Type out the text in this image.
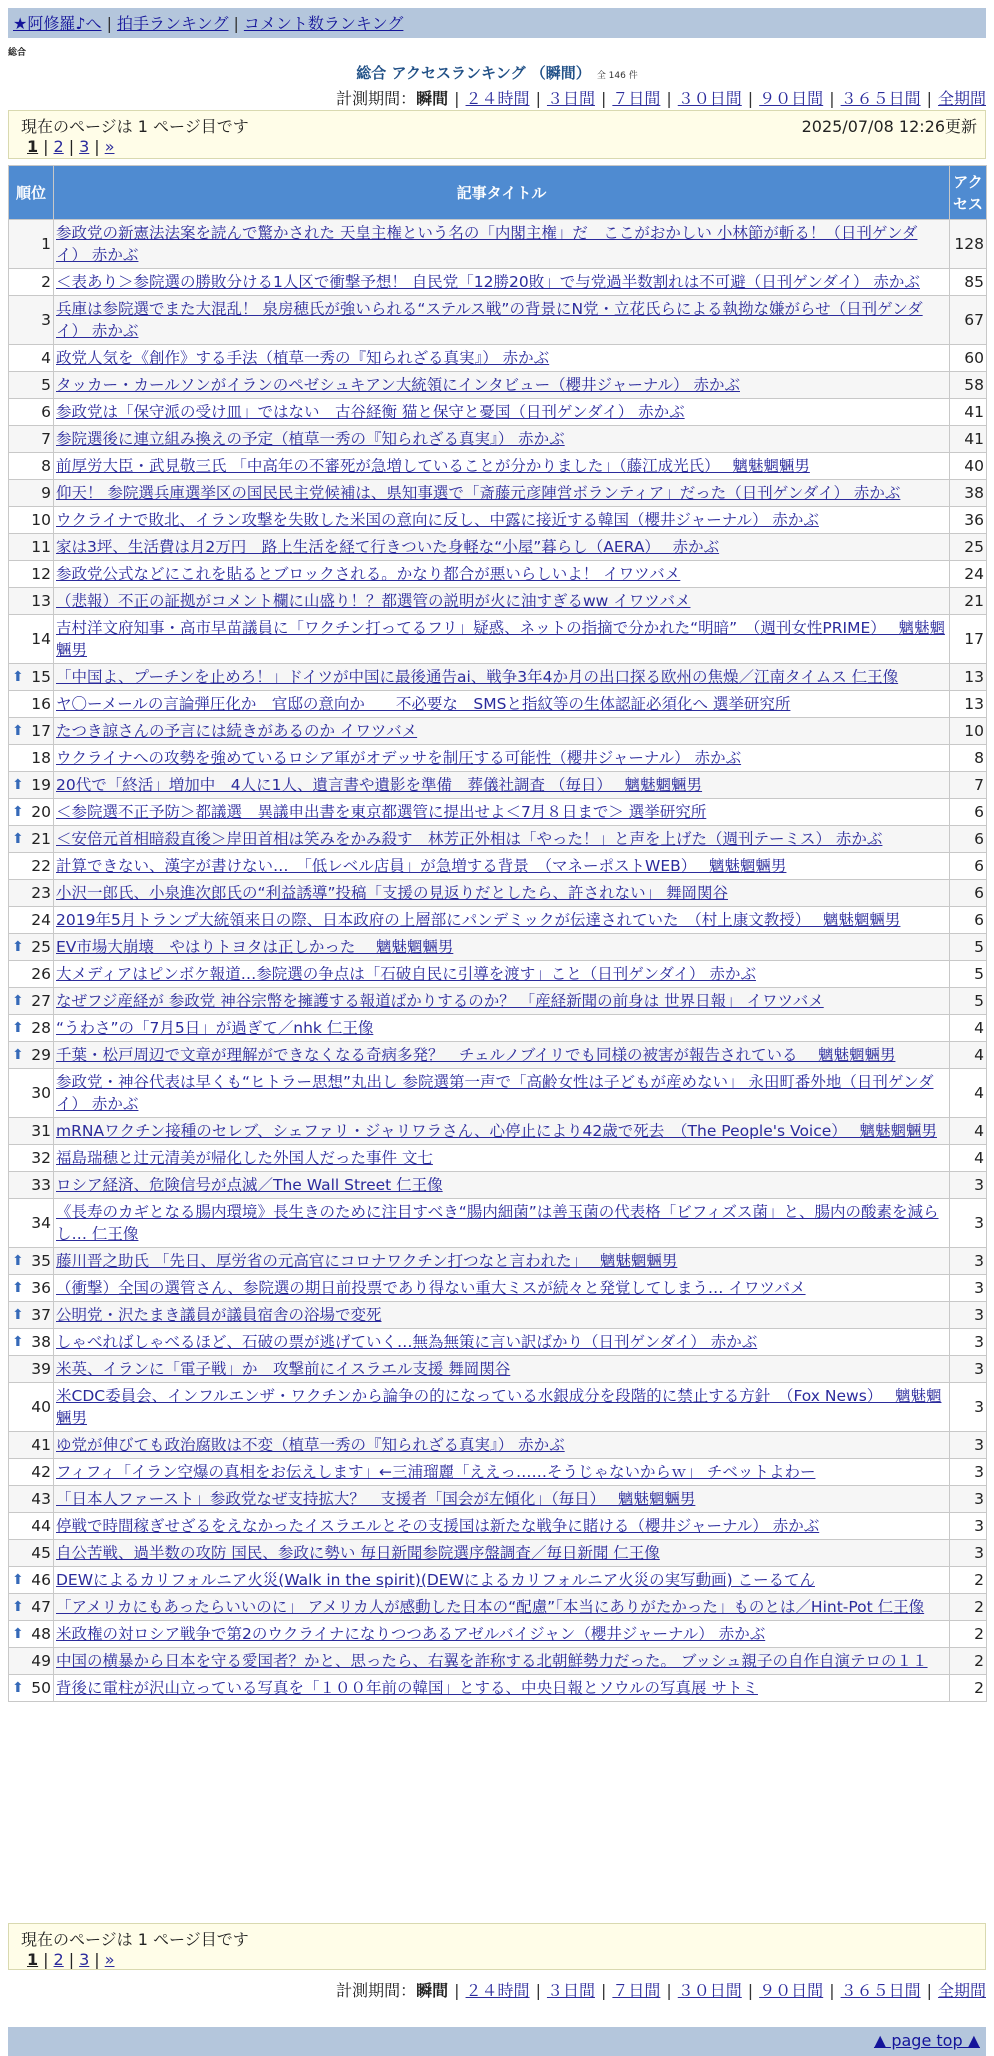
★阿修羅♪へ | 拍手ランキング | コメント数ランキング
総合
総合 アクセスランキング （瞬間） 全 146 件
計測期間：瞬間 | ２４時間 | ３日間 | ７日間 | ３０日間 | ９０日間 | ３６５日間 | 全期間
現在のページは 1 ページ目です	2025/07/08 12:26更新
1 | 2 | 3 | »
順位	記事タイトル	アクセス
1	参政党の新憲法法案を読んで驚かされた 天皇主権という名の「内閣主権」だ　ここがおかしい 小林節が斬る！（日刊ゲンダイ） 赤かぶ	128
2	＜表あり＞参院選の勝敗分ける1人区で衝撃予想！ 自民党「12勝20敗」で与党過半数割れは不可避（日刊ゲンダイ） 赤かぶ	85
3	兵庫は参院選でまた大混乱！ 泉房穂氏が強いられる“ステルス戦”の背景にN党・立花氏らによる執拗な嫌がらせ（日刊ゲンダイ） 赤かぶ	67
4	政党人気を《創作》する手法（植草一秀の『知られざる真実』） 赤かぶ	60
5	タッカー・カールソンがイランのペゼシュキアン大統領にインタビュー（櫻井ジャーナル） 赤かぶ	58
6	参政党は「保守派の受け皿」ではない　古谷経衡 猫と保守と憂国（日刊ゲンダイ） 赤かぶ	41
7	参院選後に連立組み換えの予定（植草一秀の『知られざる真実』） 赤かぶ	41
8	前厚労大臣・武見敬三氏 「中高年の不審死が急増していることが分かりました」（藤江成光氏）　 魑魅魍魎男	40
9	仰天！ 参院選兵庫選挙区の国民民主党候補は、県知事選で「斎藤元彦陣営ボランティア」だった（日刊ゲンダイ） 赤かぶ	38
10	ウクライナで敗北、イラン攻撃を失敗した米国の意向に反し、中露に接近する韓国（櫻井ジャーナル） 赤かぶ	36
11	家は3坪、生活費は月2万円　路上生活を経て行きついた身軽な“小屋”暮らし（AERA）　 赤かぶ	25
12	参政党公式などにこれを貼るとブロックされる。かなり都合が悪いらしいよ！ イワツバメ	24
13	（悲報）不正の証拠がコメント欄に山盛り！？都選管の説明が火に油すぎるww イワツバメ	21
14	吉村洋文府知事・高市早苗議員に「ワクチン打ってるフリ」疑惑、ネットの指摘で分かれた“明暗”　（週刊女性PRIME）　 魑魅魍魎男	17

⬆ 15	「中国よ、プーチンを止めろ！」ドイツが中国に最後通告ai、戦争3年4か月の出口探る欧州の焦燥／江南タイムス 仁王像	13
16	ヤ〇ーメールの言論弾圧化か　官邸の意向か　　不必要な　SMSと指紋等の生体認証必須化へ 選挙研究所	13

⬆ 17	たつき諒さんの予言には続きがあるのか イワツバメ	10
18	ウクライナへの攻勢を強めているロシア軍がオデッサを制圧する可能性（櫻井ジャーナル） 赤かぶ	8

⬆ 19	20代で「終活」増加中　4人に1人、遺言書や遺影を準備　葬儀社調査 （毎日）　 魑魅魍魎男	7

⬆ 20	＜参院選不正予防＞都議選　異議申出書を東京都選管に提出せよ＜7月８日まで＞ 選挙研究所	6

⬆ 21	＜安倍元首相暗殺直後＞岸田首相は笑みをかみ殺す　林芳正外相は「やった！」と声を上げた（週刊テーミス） 赤かぶ	6
22	計算できない、漢字が書けない…　「低レベル店員」が急増する背景　（マネーポストWEB）　 魑魅魍魎男	6
23	小沢一郎氏、小泉進次郎氏の“利益誘導”投稿「支援の見返りだとしたら、許されない」 舞岡関谷	6
24	2019年5月トランプ大統領来日の際、日本政府の上層部にパンデミックが伝達されていた　（村上康文教授）　 魑魅魍魎男	6

⬆ 25	EV市場大崩壊　やはりトヨタは正しかった　 魑魅魍魎男	5
26	大メディアはピンボケ報道…参院選の争点は「石破自民に引導を渡す」こと（日刊ゲンダイ） 赤かぶ	5

⬆ 27	なぜフジ産経が 参政党 神谷宗幣を擁護する報道ばかりするのか？ 「産経新聞の前身は 世界日報」 イワツバメ	5

⬆ 28	“うわさ”の「7月5日」が過ぎて／nhk 仁王像	4

⬆ 29	千葉・松戸周辺で文章が理解ができなくなる奇病多発？　チェルノブイリでも同様の被害が報告されている　 魑魅魍魎男	4
30	参政党・神谷代表は早くも“ヒトラー思想”丸出し 参院選第一声で「高齢女性は子どもが産めない」 永田町番外地（日刊ゲンダイ） 赤かぶ	4
31	mRNAワクチン接種のセレブ、シェファリ・ジャリワラさん、心停止により42歳で死去　（The People's Voice）　 魑魅魍魎男	4
32	福島瑞穂と辻元清美が帰化した外国人だった事件 文七	4
33	ロシア経済、危険信号が点滅／The Wall Street 仁王像	3
34	《長寿のカギとなる腸内環境》長生きのために注目すべき“腸内細菌”は善玉菌の代表格「ビフィズス菌」と、腸内の酸素を減らし… 仁王像	3

⬆ 35	藤川晋之助氏 「先日、厚労省の元高官にコロナワクチン打つなと言われた」　 魑魅魍魎男	3

⬆ 36	（衝撃）全国の選管さん、参院選の期日前投票であり得ない重大ミスが続々と発覚してしまう… イワツバメ	3

⬆ 37	公明党・沢たまき議員が議員宿舎の浴場で変死	3

⬆ 38	しゃべればしゃべるほど、石破の票が逃げていく…無為無策に言い訳ばかり（日刊ゲンダイ） 赤かぶ	3
39	米英、イランに「電子戦」か　攻撃前にイスラエル支援 舞岡関谷	3
40	米CDC委員会、インフルエンザ・ワクチンから論争の的になっている水銀成分を段階的に禁止する方針　（Fox News）　 魑魅魍魎男	3
41	ゆ党が伸びても政治腐敗は不変（植草一秀の『知られざる真実』） 赤かぶ	3
42	フィフィ「イラン空爆の真相をお伝えします」←三浦瑠麗「ええっ……そうじゃないからｗ」 チベットよわー	3
43	「日本人ファースト」参政党なぜ支持拡大？　支援者「国会が左傾化」（毎日）　 魑魅魍魎男	3
44	停戦で時間稼ぎせざるをえなかったイスラエルとその支援国は新たな戦争に賭ける（櫻井ジャーナル） 赤かぶ	3
45	自公苦戦、過半数の攻防 国民、参政に勢い 毎日新聞参院選序盤調査／毎日新聞 仁王像	3

⬆ 46	DEWによるカリフォルニア火災(Walk in the spirit)(DEWによるカリフォルニア火災の実写動画) こーるてん	2

⬆ 47	「アメリカにもあったらいいのに」 アメリカ人が感動した日本の“配慮”「本当にありがたかった」ものとは／Hint-Pot 仁王像	2

⬆ 48	米政権の対ロシア戦争で第2のウクライナになりつつあるアゼルバイジャン（櫻井ジャーナル） 赤かぶ	2
49	中国の横暴から日本を守る愛国者？かと、思ったら、右翼を詐称する北朝鮮勢力だった。 ブッシュ親子の自作自演テロの１１	2

⬆ 50	背後に電柱が沢山立っている写真を「１００年前の韓国」とする、中央日報とソウルの写真展 サトミ	2
現在のページは 1 ページ目です
1 | 2 | 3 | »
計測期間：瞬間 | ２４時間 | ３日間 | ７日間 | ３０日間 | ９０日間 | ３６５日間 | 全期間
▲ page top ▲
